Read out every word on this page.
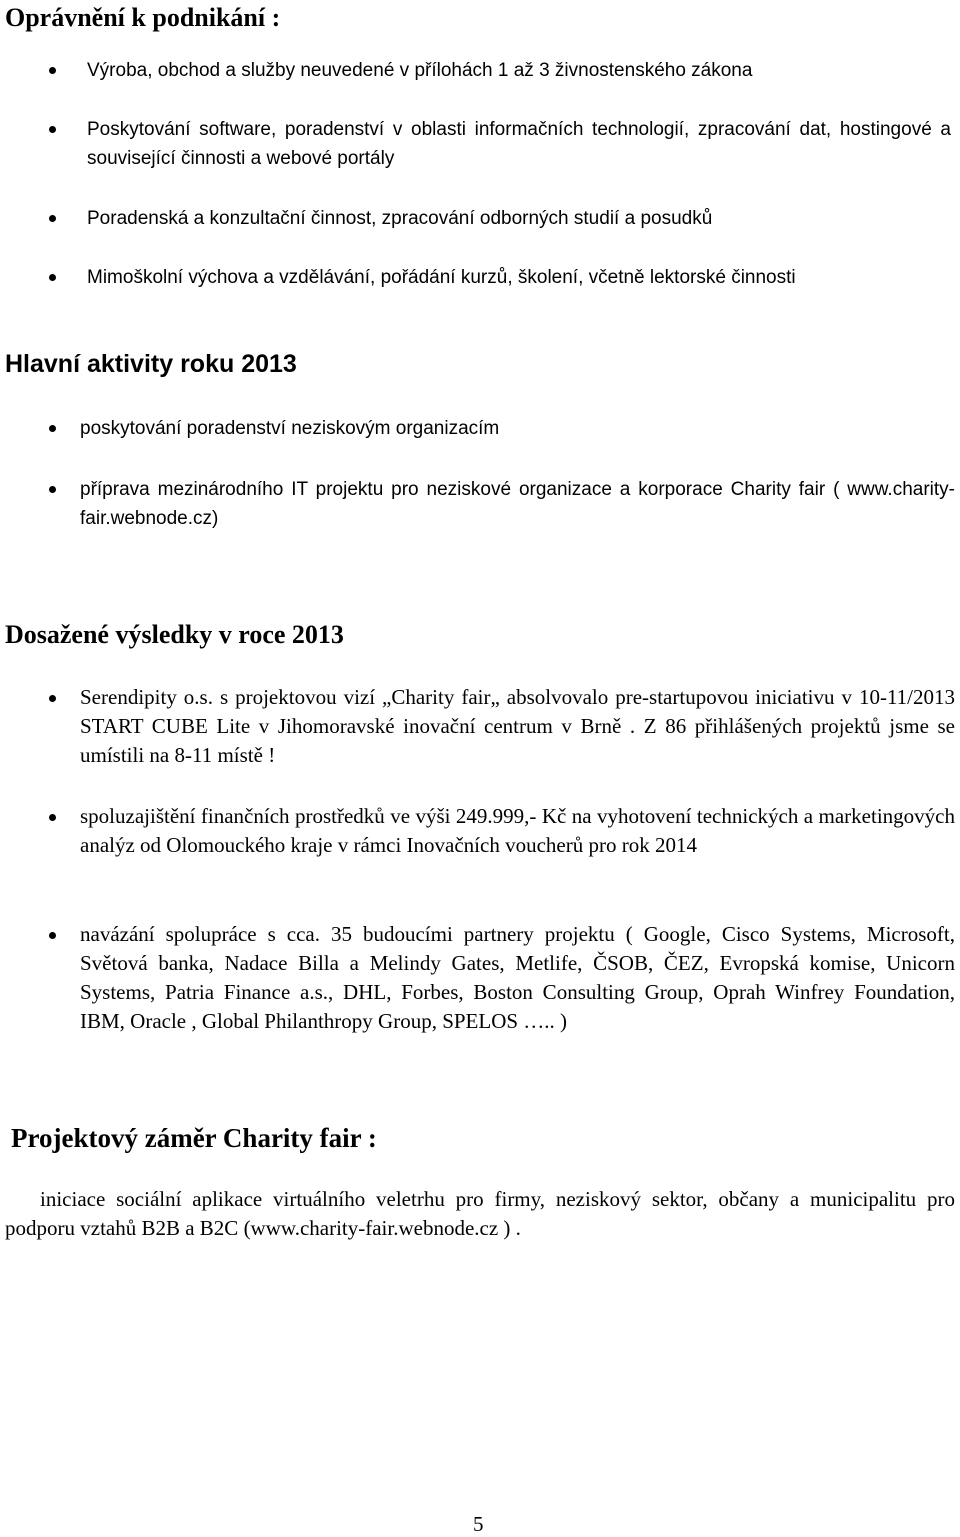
Oprávnění k podnikání :

Výroba, obchod a služby neuvedené v přílohách 1 až 3 živnostenského zákona

Poskytování software, poradenství v oblasti informačních technologií, zpracování dat, hostingové a související činnosti a webové portály

Poradenská a konzultační činnost, zpracování odborných studií a posudků

Mimoškolní výchova a vzdělávání, pořádání kurzů, školení, včetně lektorské činnosti

Hlavní aktivity roku 2013

poskytování poradenství neziskovým organizacím

příprava mezinárodního IT projektu pro neziskové organizace a korporace Charity fair ( www.charity-fair.webnode.cz)

Dosažené výsledky v roce 2013

Serendipity o.s. s projektovou vizí „Charity fair„ absolvovalo pre-startupovou iniciativu v 10-11/2013 START CUBE Lite v Jihomoravské inovační centrum v Brně . Z 86 přihlášených projektů jsme se umístili na 8-11 místě !

spoluzajištění finančních prostředků ve výši 249.999,- Kč na vyhotovení technických a marketingových analýz od Olomouckého kraje v rámci Inovačních voucherů pro rok 2014

navázání spolupráce s cca. 35 budoucími partnery projektu ( Google, Cisco Systems, Microsoft, Světová banka, Nadace Billa a Melindy Gates, Metlife, ČSOB, ČEZ, Evropská komise, Unicorn Systems, Patria Finance a.s., DHL, Forbes, Boston Consulting Group, Oprah Winfrey Foundation, IBM, Oracle , Global Philanthropy Group, SPELOS ….. )

Projektový záměr Charity fair :

iniciace sociální aplikace virtuálního veletrhu pro firmy, neziskový sektor, občany a municipalitu pro podporu vztahů B2B a B2C (www.charity-fair.webnode.cz ) .

5
